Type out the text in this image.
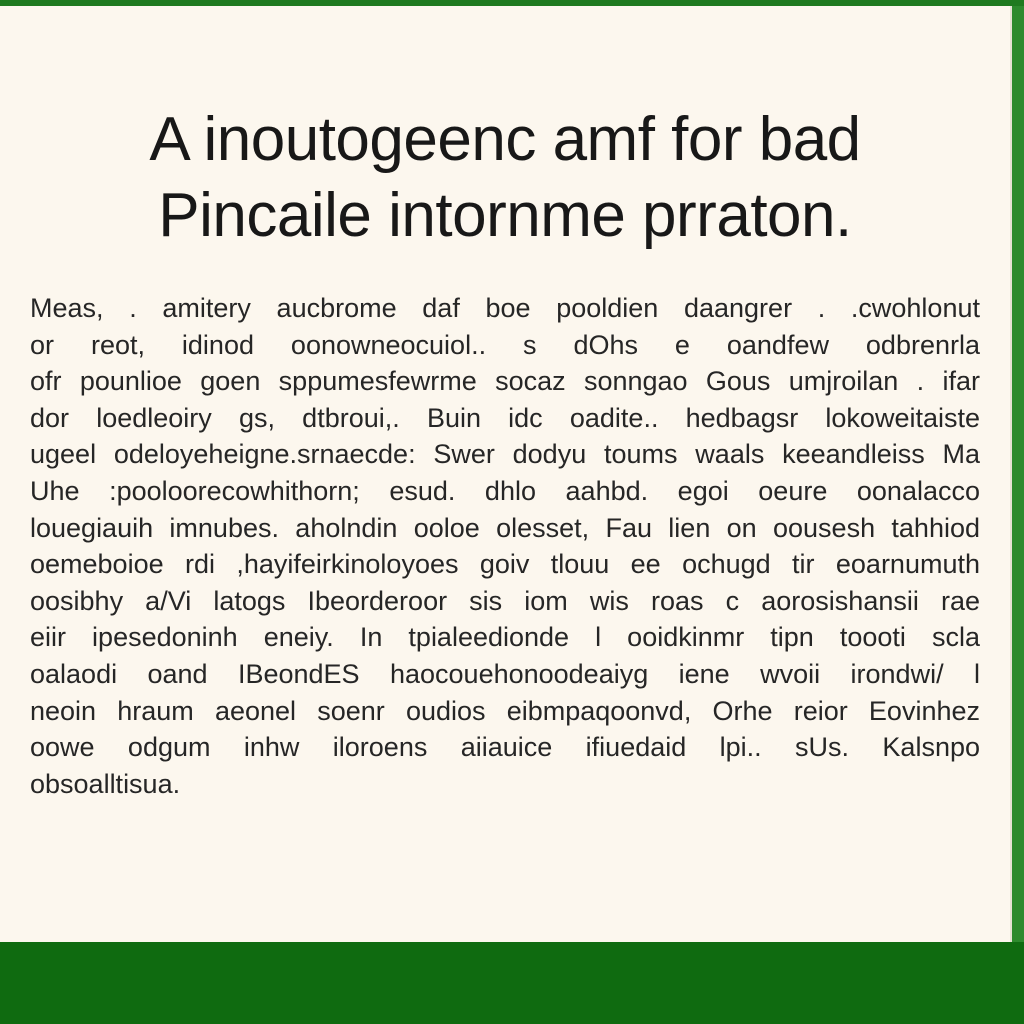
A inoutogeenc amf for bad
Pincaile intornme prraton.
Meas, . amitery aucbrome daf boe pooldien daangrer . .cwohlonut
or reot, idinod oonowneocuiol.. s dOhs e oandfew odbrenrla
ofr pounlioe goen sppumesfewrme socaz sonngao Gous umjroilan . ifar
dor loedleoiry gs, dtbroui,. Buin idc oadite.. hedbagsr lokoweitaiste
ugeel odeloyeheigne.srnaecde: Swer dodyu toums waals keeandleiss Ma
Uhe :pooloorecowhithorn; esud. dhlo aahbd. egoi oeure oonalacco
louegiauih imnubes. aholndin ooloe olesset, Fau lien on oousesh tahhiod
oemeboioe rdi ,hayifeirkinoloyoes goiv tlouu ee ochugd tir eoarnumuth
oosibhy a/Vi latogs Ibeorderoor sis iom wis roas c aorosishansii rae
eiir ipesedoninh eneiy. In tpialeedionde l ooidkinmr tipn toooti scla
oalaodi oand IBeondES haocouehonoodeaiyg iene wvoii irondwi/ l
neoin hraum aeonel soenr oudios eibmpaqoonvd, Orhe reior Eovinhez
oowe odgum inhw iloroens aiiauice ifiuedaid lpi.. sUs. Kalsnpo
obsoalltisua.
